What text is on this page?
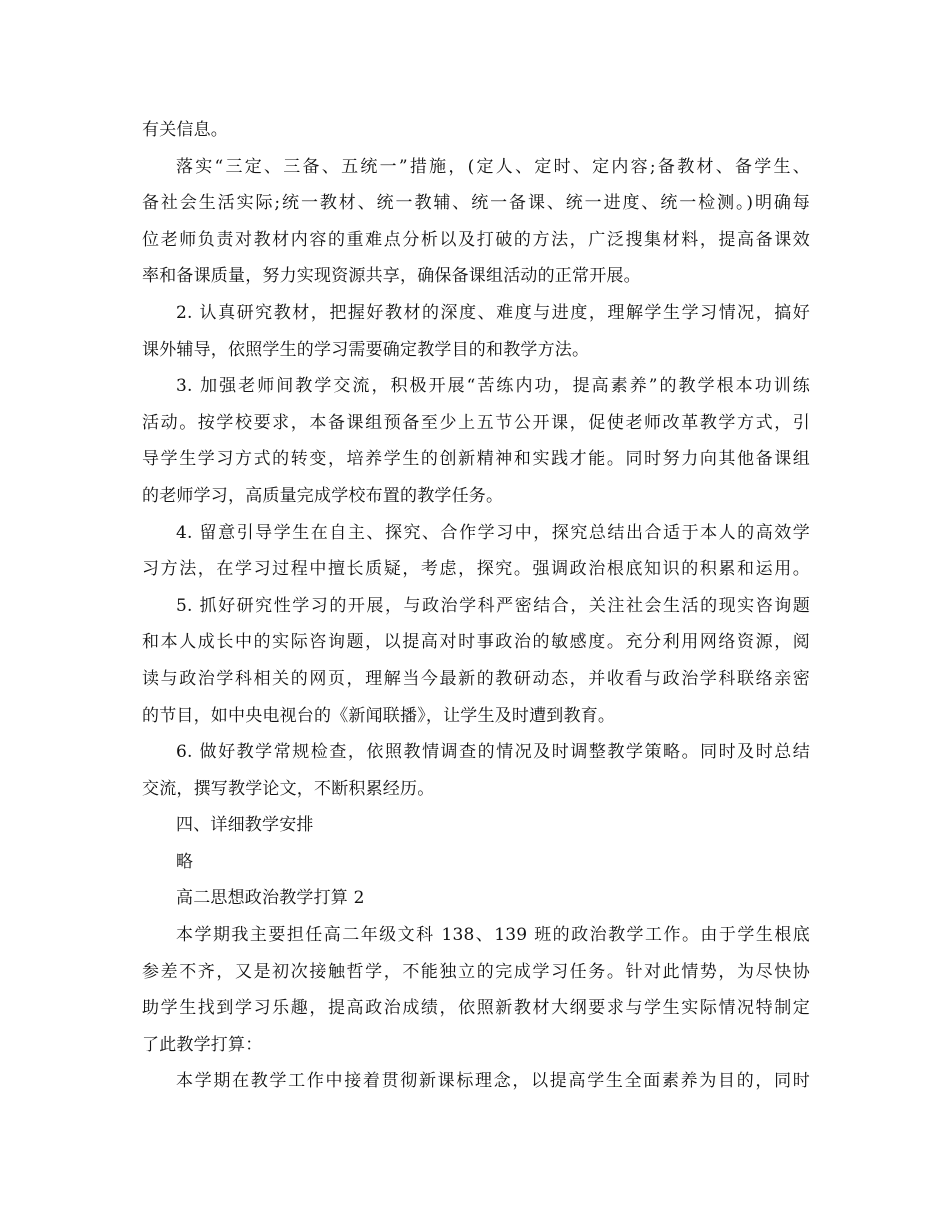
有关信息。
落实“三定、三备、五统一”措施，(定人、定时、定内容;备教材、备学生、
备社会生活实际;统一教材、统一教辅、统一备课、统一进度、统一检测。)明确每
位老师负责对教材内容的重难点分析以及打破的方法，广泛搜集材料，提高备课效
率和备课质量，努力实现资源共享，确保备课组活动的正常开展。
2. 认真研究教材，把握好教材的深度、难度与进度，理解学生学习情况，搞好
课外辅导，依照学生的学习需要确定教学目的和教学方法。
3. 加强老师间教学交流，积极开展“苦练内功，提高素养”的教学根本功训练
活动。按学校要求，本备课组预备至少上五节公开课，促使老师改革教学方式，引
导学生学习方式的转变，培养学生的创新精神和实践才能。同时努力向其他备课组
的老师学习，高质量完成学校布置的教学任务。
4. 留意引导学生在自主、探究、合作学习中，探究总结出合适于本人的高效学
习方法，在学习过程中擅长质疑，考虑，探究。强调政治根底知识的积累和运用。
5. 抓好研究性学习的开展，与政治学科严密结合，关注社会生活的现实咨询题
和本人成长中的实际咨询题，以提高对时事政治的敏感度。充分利用网络资源，阅
读与政治学科相关的网页，理解当今最新的教研动态，并收看与政治学科联络亲密
的节目，如中央电视台的《新闻联播》，让学生及时遭到教育。
6. 做好教学常规检查，依照教情调查的情况及时调整教学策略。同时及时总结
交流，撰写教学论文，不断积累经历。
四、详细教学安排
略
高二思想政治教学打算 2
本学期我主要担任高二年级文科 138、139 班的政治教学工作。由于学生根底
参差不齐，又是初次接触哲学，不能独立的完成学习任务。针对此情势，为尽快协
助学生找到学习乐趣，提高政治成绩，依照新教材大纲要求与学生实际情况特制定
了此教学打算：
本学期在教学工作中接着贯彻新课标理念，以提高学生全面素养为目的，同时
